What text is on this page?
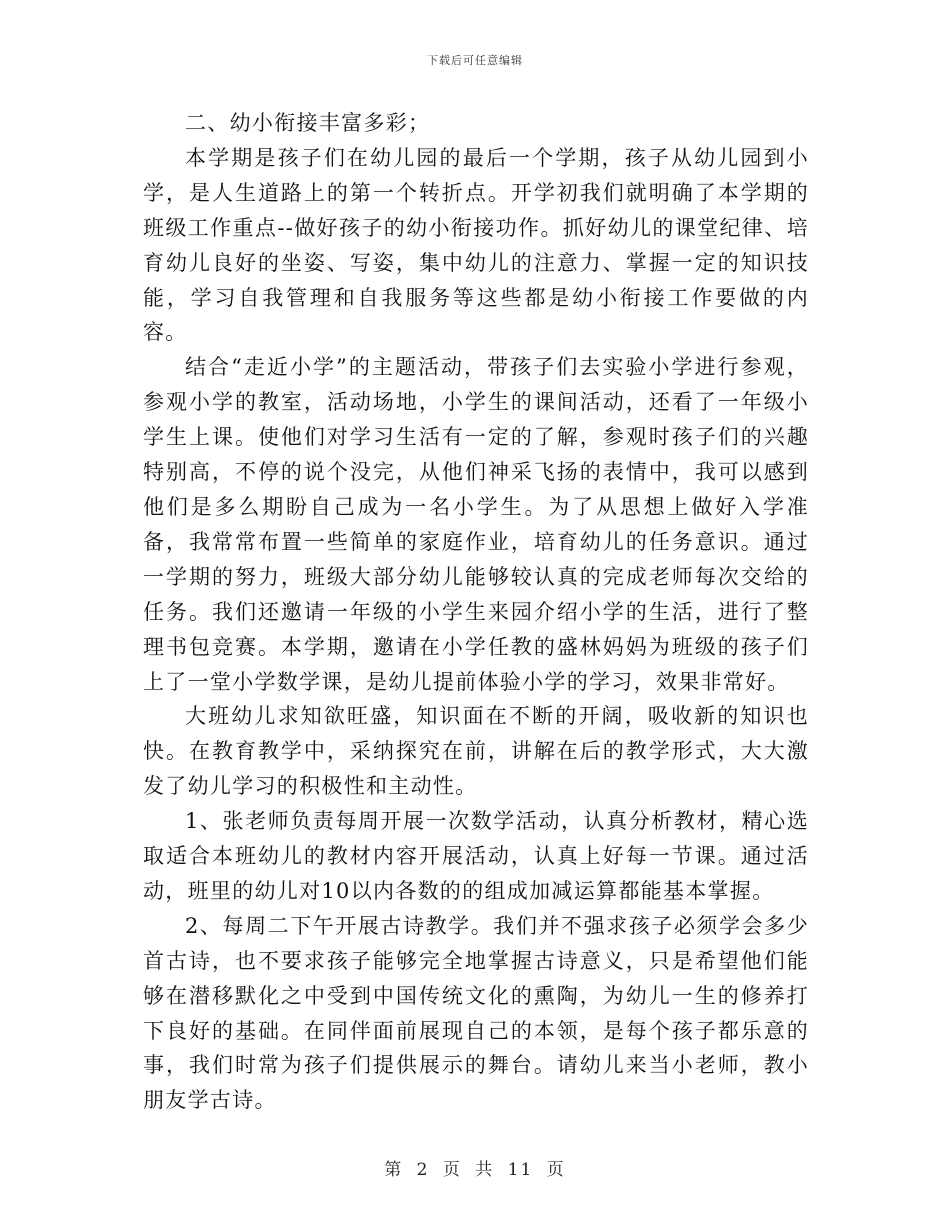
下载后可任意编辑

二、幼小衔接丰富多彩；

本学期是孩子们在幼儿园的最后一个学期，孩子从幼儿园到小学，是人生道路上的第一个转折点。开学初我们就明确了本学期的班级工作重点--做好孩子的幼小衔接功作。抓好幼儿的课堂纪律、培育幼儿良好的坐姿、写姿，集中幼儿的注意力、掌握一定的知识技能，学习自我管理和自我服务等这些都是幼小衔接工作要做的内容。

结合“走近小学”的主题活动，带孩子们去实验小学进行参观，参观小学的教室，活动场地，小学生的课间活动，还看了一年级小学生上课。使他们对学习生活有一定的了解，参观时孩子们的兴趣特别高，不停的说个没完，从他们神采飞扬的表情中，我可以感到他们是多么期盼自己成为一名小学生。为了从思想上做好入学准备，我常常布置一些简单的家庭作业，培育幼儿的任务意识。通过一学期的努力，班级大部分幼儿能够较认真的完成老师每次交给的任务。我们还邀请一年级的小学生来园介绍小学的生活，进行了整理书包竞赛。本学期，邀请在小学任教的盛林妈妈为班级的孩子们上了一堂小学数学课，是幼儿提前体验小学的学习，效果非常好。

大班幼儿求知欲旺盛，知识面在不断的开阔，吸收新的知识也快。在教育教学中，采纳探究在前，讲解在后的教学形式，大大激发了幼儿学习的积极性和主动性。

1、张老师负责每周开展一次数学活动，认真分析教材，精心选取适合本班幼儿的教材内容开展活动，认真上好每一节课。通过活动，班里的幼儿对10以内各数的的组成加减运算都能基本掌握。

2、每周二下午开展古诗教学。我们并不强求孩子必须学会多少首古诗，也不要求孩子能够完全地掌握古诗意义，只是希望他们能够在潜移默化之中受到中国传统文化的熏陶，为幼儿一生的修养打下良好的基础。在同伴面前展现自己的本领，是每个孩子都乐意的事，我们时常为孩子们提供展示的舞台。请幼儿来当小老师，教小朋友学古诗。

第 2 页 共 11 页
